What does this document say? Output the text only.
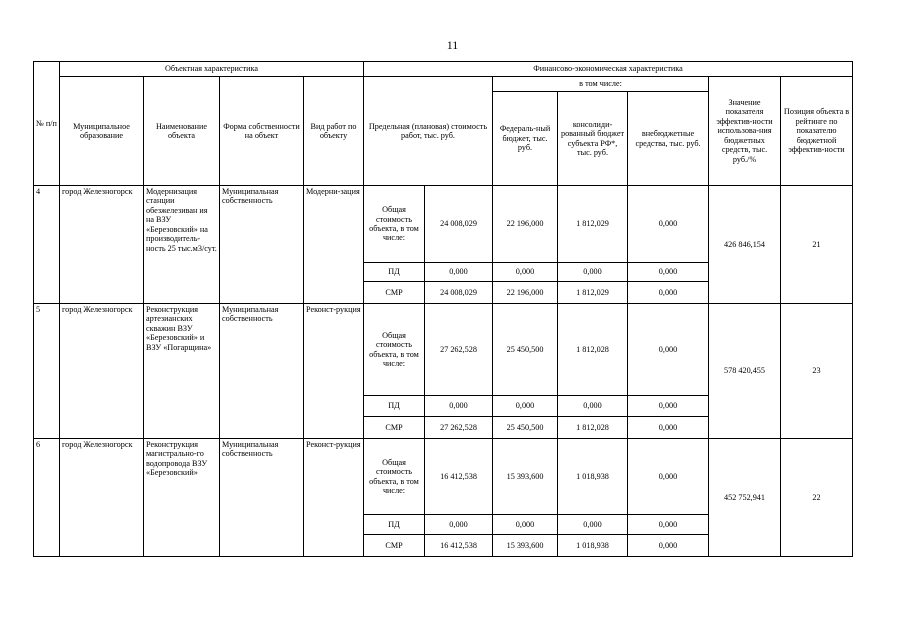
11
№ п/п	Объектная характеристика				Финансово-экономическая характеристика						
	Муниципальное образование	Наименование объекта	Форма собственности на объект	Вид работ по объекту	Предельная (плановая) стоимость работ, тыс. руб.		в том числе:			Значение показателя эффектив-ности использова-ния бюджетных средств, тыс. руб./%	Позиция объекта в рейтинге по показателю бюджетной эффектив-ности
							Федераль-ный бюджет, тыс. руб.	консолиди-рованный бюджет субъекта РФ*, тыс. руб.	внебюджетные средства, тыс. руб.		
4	город Железногорск	Модернизация станции обезжелезиван ия на ВЗУ «Березовский» на производитель-ность 25 тыс.м3/сут.	Муниципальная собственность	Модерни-зация	Общая стоимость объекта, в том числе:	24 008,029	22 196,000	1 812,029	0,000	426 846,154	21
					ПД	0,000	0,000	0,000	0,000		
					СМР	24 008,029	22 196,000	1 812,029	0,000		
5	город Железногорск	Реконструкция артезианских скважин ВЗУ «Березовский» и ВЗУ «Погарщина»	Муниципальная собственность	Реконст-рукция	Общая стоимость объекта, в том числе:	27 262,528	25 450,500	1 812,028	0,000	578 420,455	23
					ПД	0,000	0,000	0,000	0,000		
					СМР	27 262,528	25 450,500	1 812,028	0,000		
6	город Железногорск	Реконструкция магистрально-го водопровода ВЗУ «Березовский»	Муниципальная собственность	Реконст-рукция	Общая стоимость объекта, в том числе:	16 412,538	15 393,600	1 018,938	0,000	452 752,941	22
					ПД	0,000	0,000	0,000	0,000		
					СМР	16 412,538	15 393,600	1 018,938	0,000		
